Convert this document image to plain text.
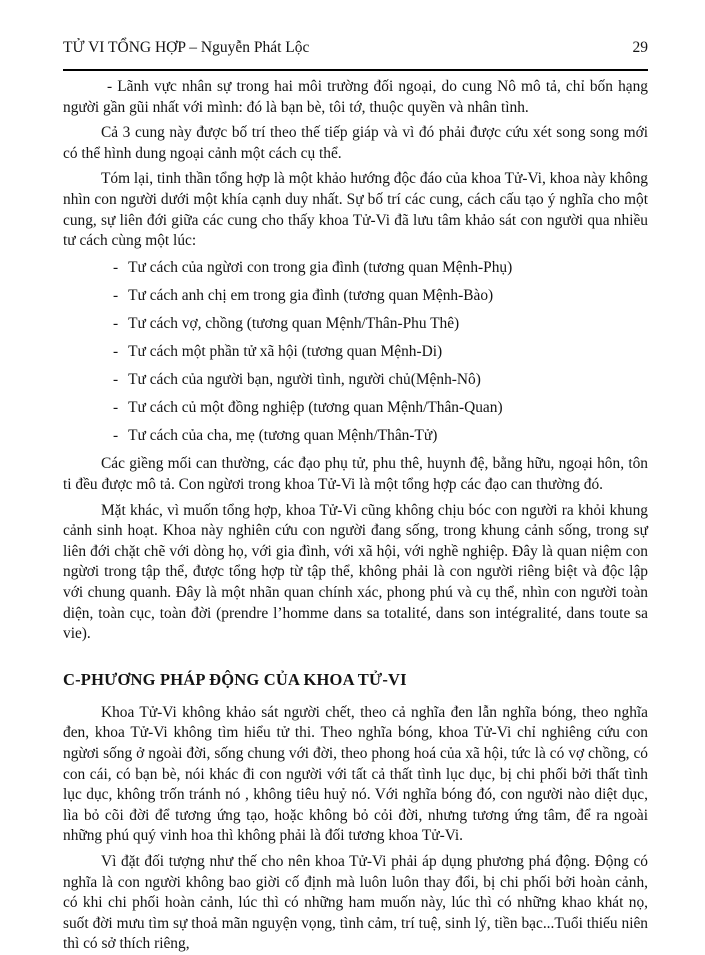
TỬ VI TỔNG HỢP – Nguyễn Phát Lộc	29

- Lãnh vực nhân sự trong hai môi trường đối ngoại, do cung Nô mô tả, chỉ bốn hạng người gần gũi nhất với mình: đó là bạn bè, tôi tớ, thuộc quyền và nhân tình.

Cả 3 cung này được bố trí theo thế tiếp giáp và vì đó phải được cứu xét song song mới có thể hình dung ngoại cảnh một cách cụ thể.

Tóm lại, tinh thần tổng hợp là một khảo hướng độc đáo của khoa Tử-Vi, khoa này không nhìn con người dưới một khía cạnh duy nhất. Sự bố trí các cung, cách cấu tạo ý nghĩa cho một cung, sự liên đới giữa các cung cho thấy khoa Tử-Vi đã lưu tâm khảo sát con người qua nhiều tư cách cùng một lúc:

- Tư cách của ngừơi con trong gia đình (tương quan Mệnh-Phụ)
- Tư cách anh chị em trong gia đình (tương quan Mệnh-Bào)
- Tư cách vợ, chồng (tương quan Mệnh/Thân-Phu Thê)
- Tư cách một phần tử xã hội (tương quan Mệnh-Di)
- Tư cách của người bạn, người tình, người chủ(Mệnh-Nô)
- Tư cách củ một đồng nghiệp (tương quan Mệnh/Thân-Quan)
- Tư cách của cha, mẹ (tương quan Mệnh/Thân-Tử)

Các giềng mối can thường, các đạo phụ tử, phu thê, huynh đệ, bằng hữu, ngoại hôn, tôn ti đều được mô tả. Con ngừơi trong khoa Tử-Vi là một tổng hợp các đạo can thường đó.

Mặt khác, vì muốn tổng hợp, khoa Tử-Vi cũng không chịu bóc con người ra khỏi khung cảnh sinh hoạt. Khoa này nghiên cứu con người đang sống, trong khung cảnh sống, trong sự liên đới chặt chẽ với dòng họ, với gia đình, với xã hội, với nghề nghiệp. Đây là quan niệm con ngừơi trong tập thể, được tổng hợp từ tập thể, không phải là con người riêng biệt và độc lập với chung quanh. Đây là một nhãn quan chính xác, phong phú và cụ thể, nhìn con người toàn diện, toàn cục, toàn đời (prendre l’homme dans sa totalité, dans son intégralité, dans toute sa vie).

C-PHƯƠNG PHÁP ĐỘNG CỦA KHOA TỬ-VI

Khoa Tử-Vi không khảo sát người chết, theo cả nghĩa đen lẫn nghĩa bóng, theo nghĩa đen, khoa Tử-Vi không tìm hiểu tử thi. Theo nghĩa bóng, khoa Tử-Vi chỉ nghiêng cứu con ngừơi sống ở ngoài đời, sống chung với đời, theo phong hoá của xã hội, tức là có vợ chồng, có con cái, có bạn bè, nói khác đi con người với tất cả thất tình lục dục, bị chi phối bởi thất tình lục dục, không trốn tránh nó , không tiêu huỷ nó. Với nghĩa bóng đó, con người nào diệt dục, lìa bỏ cõi đời để tương ứng tạo, hoặc không bỏ cỏi đời, nhưng tương ứng tâm, để ra ngoài những phú quý vinh hoa thì không phải là đối tương khoa Tử-Vi.

Vì đặt đối tượng như thế cho nên khoa Tử-Vi phải áp dụng phương phá động. Động có nghĩa là con người không bao giời cố định mà luôn luôn thay đổi, bị chi phối bởi hoàn cảnh, có khi chi phối hoàn cảnh, lúc thì có những ham muốn này, lúc thì có những khao khát nọ, suốt đời mưu tìm sự thoả mãn nguyện vọng, tình cảm, trí tuệ, sinh lý, tiền bạc...Tuổi thiếu niên thì có sở thích riêng,
